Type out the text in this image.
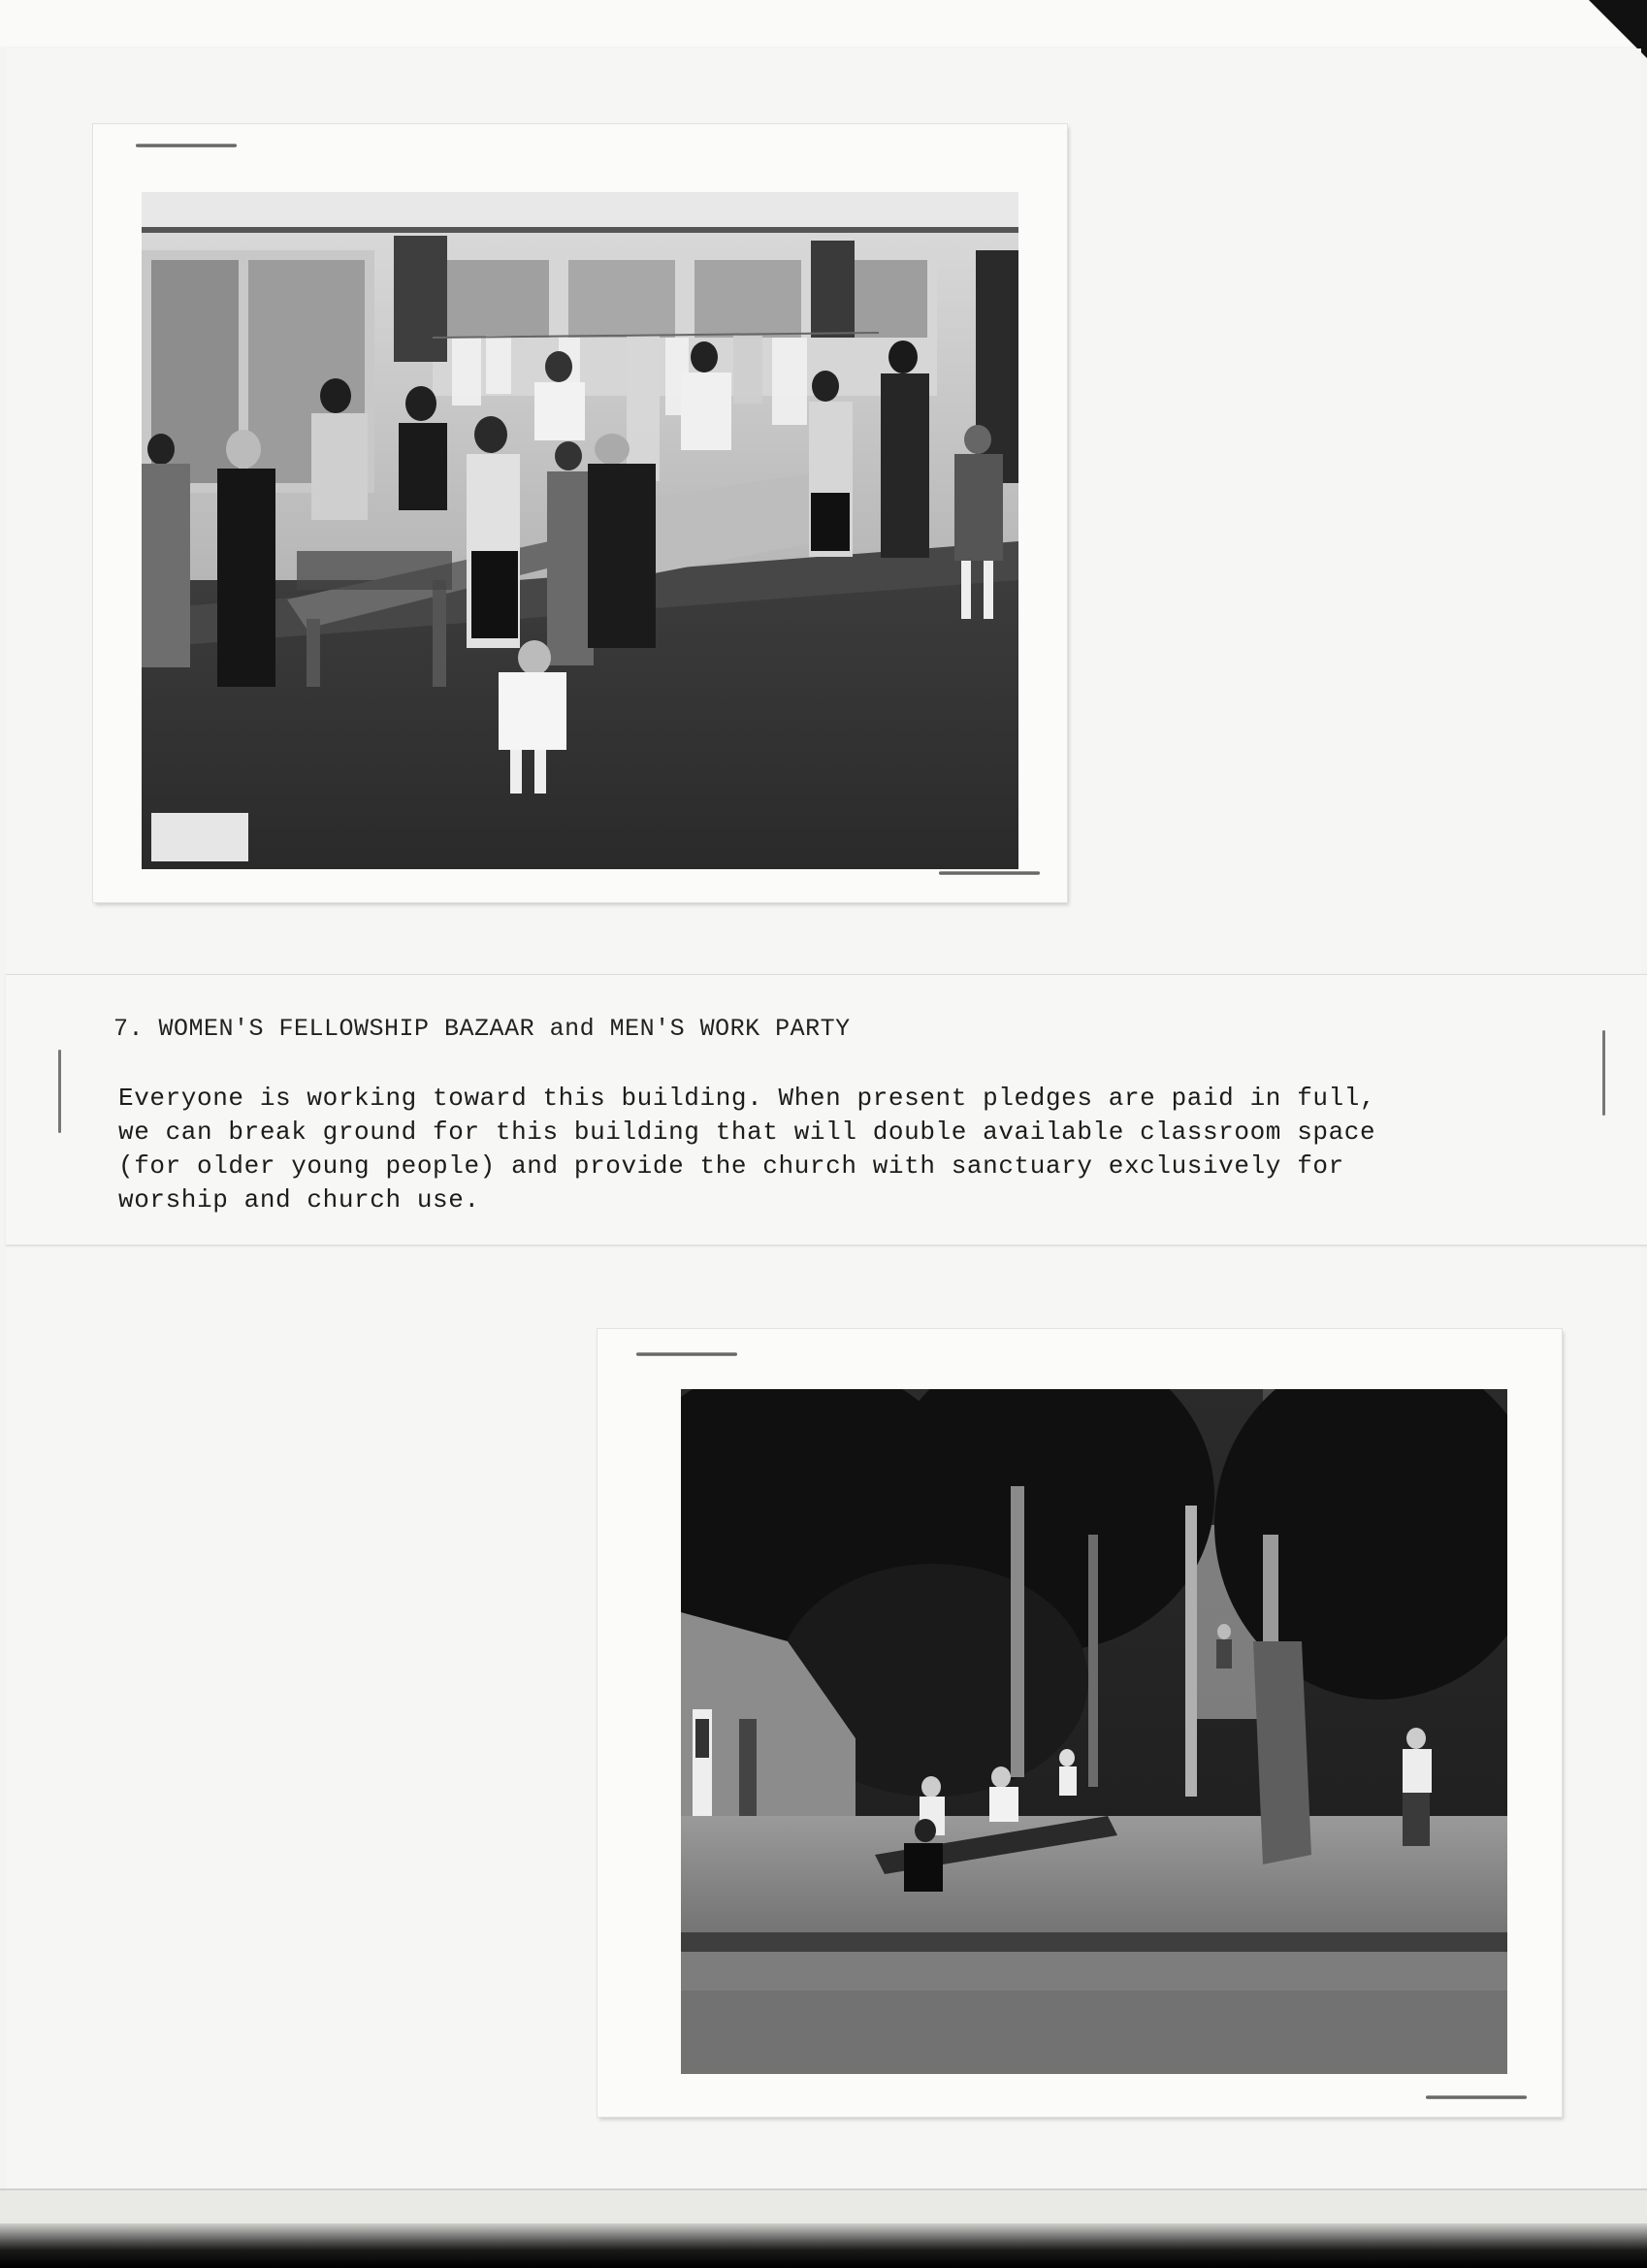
7. WOMEN'S FELLOWSHIP BAZAAR and MEN'S WORK PARTY
Everyone is working toward this building. When present pledges are paid in full,
we can break ground for this building that will double available classroom space
(for older young people) and provide the church with sanctuary exclusively for
worship and church use.
